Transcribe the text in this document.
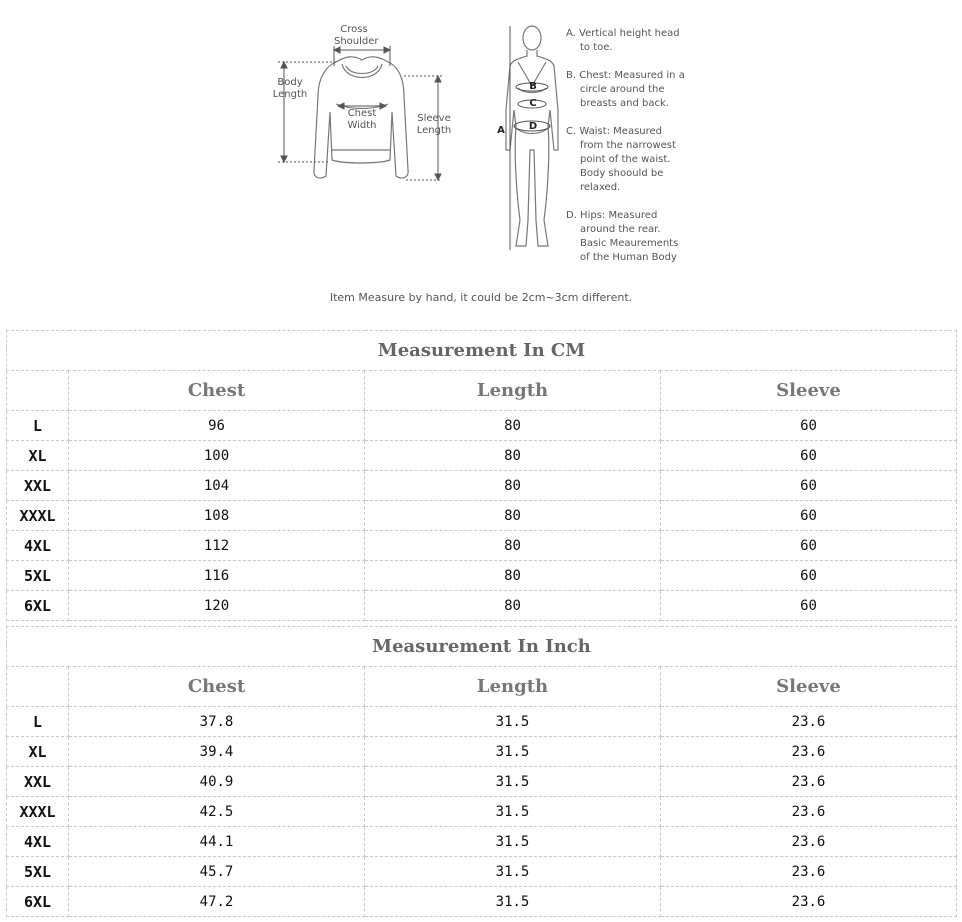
Cross
Shoulder
Body
Length
Chest
Width
Sleeve
Length	A
B
C
D
A. Vertical height head
to toe.
B. Chest: Measured in a
circle around the
breasts and back.
C. Waist: Measured
from the narrowest
point of the waist.
Body shoould be
relaxed.
D. Hips: Measured
around the rear.
Basic Meaurements
of the Human Body
Item Measure by hand, it could be 2cm~3cm different.
Measurement In CM			
	Chest	Length	Sleeve
L	96	80	60
XL	100	80	60
XXL	104	80	60
XXXL	108	80	60
4XL	112	80	60
5XL	116	80	60
6XL	120	80	60
Measurement In Inch			
	Chest	Length	Sleeve
L	37.8	31.5	23.6
XL	39.4	31.5	23.6
XXL	40.9	31.5	23.6
XXXL	42.5	31.5	23.6
4XL	44.1	31.5	23.6
5XL	45.7	31.5	23.6
6XL	47.2	31.5	23.6
